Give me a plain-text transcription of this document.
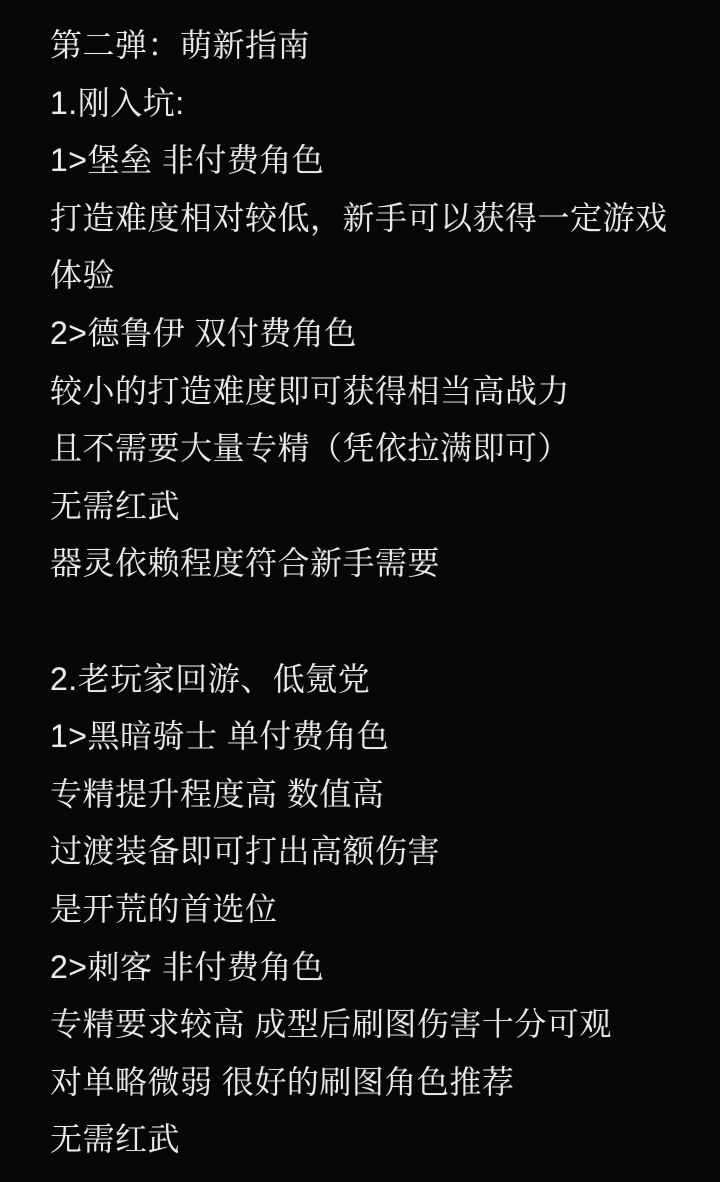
第二弹：萌新指南

1.刚入坑:

1>堡垒 非付费角色

打造难度相对较低，新手可以获得一定游戏

体验

2>德鲁伊 双付费角色

较小的打造难度即可获得相当高战力

且不需要大量专精（凭依拉满即可）

无需红武

器灵依赖程度符合新手需要

2.老玩家回游、低氪党

1>黑暗骑士 单付费角色

专精提升程度高 数值高

过渡装备即可打出高额伤害

是开荒的首选位

2>刺客 非付费角色

专精要求较高 成型后刷图伤害十分可观

对单略微弱 很好的刷图角色推荐

无需红武
